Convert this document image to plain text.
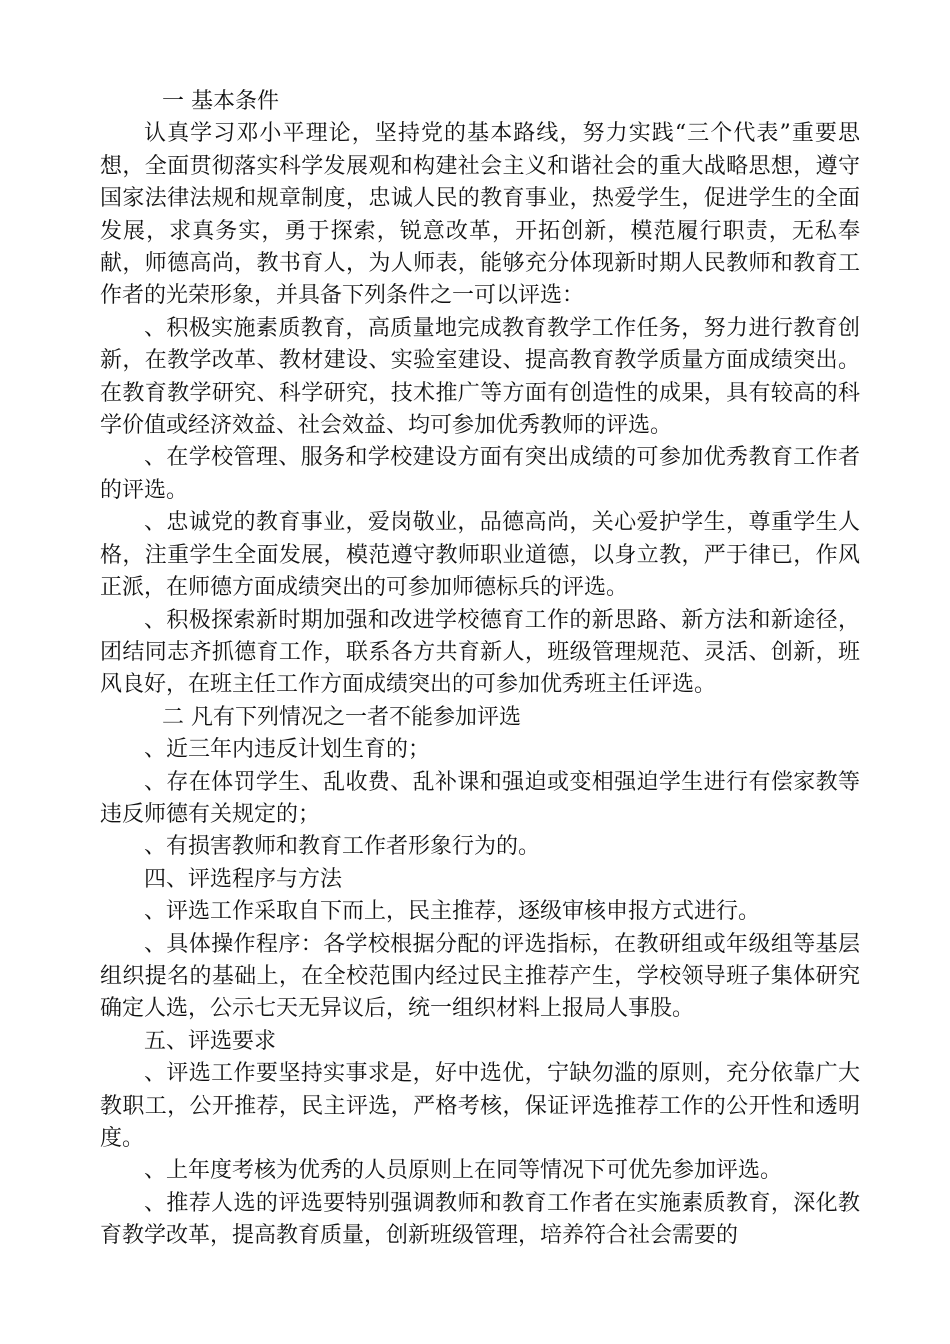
一 基本条件

认真学习邓小平理论，坚持党的基本路线，努力实践“三个代表”重要思想，全面贯彻落实科学发展观和构建社会主义和谐社会的重大战略思想，遵守国家法律法规和规章制度，忠诚人民的教育事业，热爱学生，促进学生的全面发展，求真务实，勇于探索，锐意改革，开拓创新，模范履行职责，无私奉献，师德高尚，教书育人，为人师表，能够充分体现新时期人民教师和教育工作者的光荣形象，并具备下列条件之一可以评选：

、积极实施素质教育，高质量地完成教育教学工作任务，努力进行教育创新，在教学改革、教材建设、实验室建设、提高教育教学质量方面成绩突出。在教育教学研究、科学研究，技术推广等方面有创造性的成果，具有较高的科学价值或经济效益、社会效益、均可参加优秀教师的评选。

、在学校管理、服务和学校建设方面有突出成绩的可参加优秀教育工作者的评选。

、忠诚党的教育事业，爱岗敬业，品德高尚，关心爱护学生，尊重学生人格，注重学生全面发展，模范遵守教师职业道德，以身立教，严于律已，作风正派，在师德方面成绩突出的可参加师德标兵的评选。

、积极探索新时期加强和改进学校德育工作的新思路、新方法和新途径，团结同志齐抓德育工作，联系各方共育新人，班级管理规范、灵活、创新，班风良好，在班主任工作方面成绩突出的可参加优秀班主任评选。

二 凡有下列情况之一者不能参加评选

、近三年内违反计划生育的；

、存在体罚学生、乱收费、乱补课和强迫或变相强迫学生进行有偿家教等违反师德有关规定的；

、有损害教师和教育工作者形象行为的。

四、评选程序与方法

、评选工作采取自下而上，民主推荐，逐级审核申报方式进行。

、具体操作程序：各学校根据分配的评选指标，在教研组或年级组等基层组织提名的基础上，在全校范围内经过民主推荐产生，学校领导班子集体研究确定人选，公示七天无异议后，统一组织材料上报局人事股。

五、评选要求

、评选工作要坚持实事求是，好中选优，宁缺勿滥的原则，充分依靠广大教职工，公开推荐，民主评选，严格考核，保证评选推荐工作的公开性和透明度。

、上年度考核为优秀的人员原则上在同等情况下可优先参加评选。

、推荐人选的评选要特别强调教师和教育工作者在实施素质教育，深化教育教学改革，提高教育质量，创新班级管理，培养符合社会需要的
